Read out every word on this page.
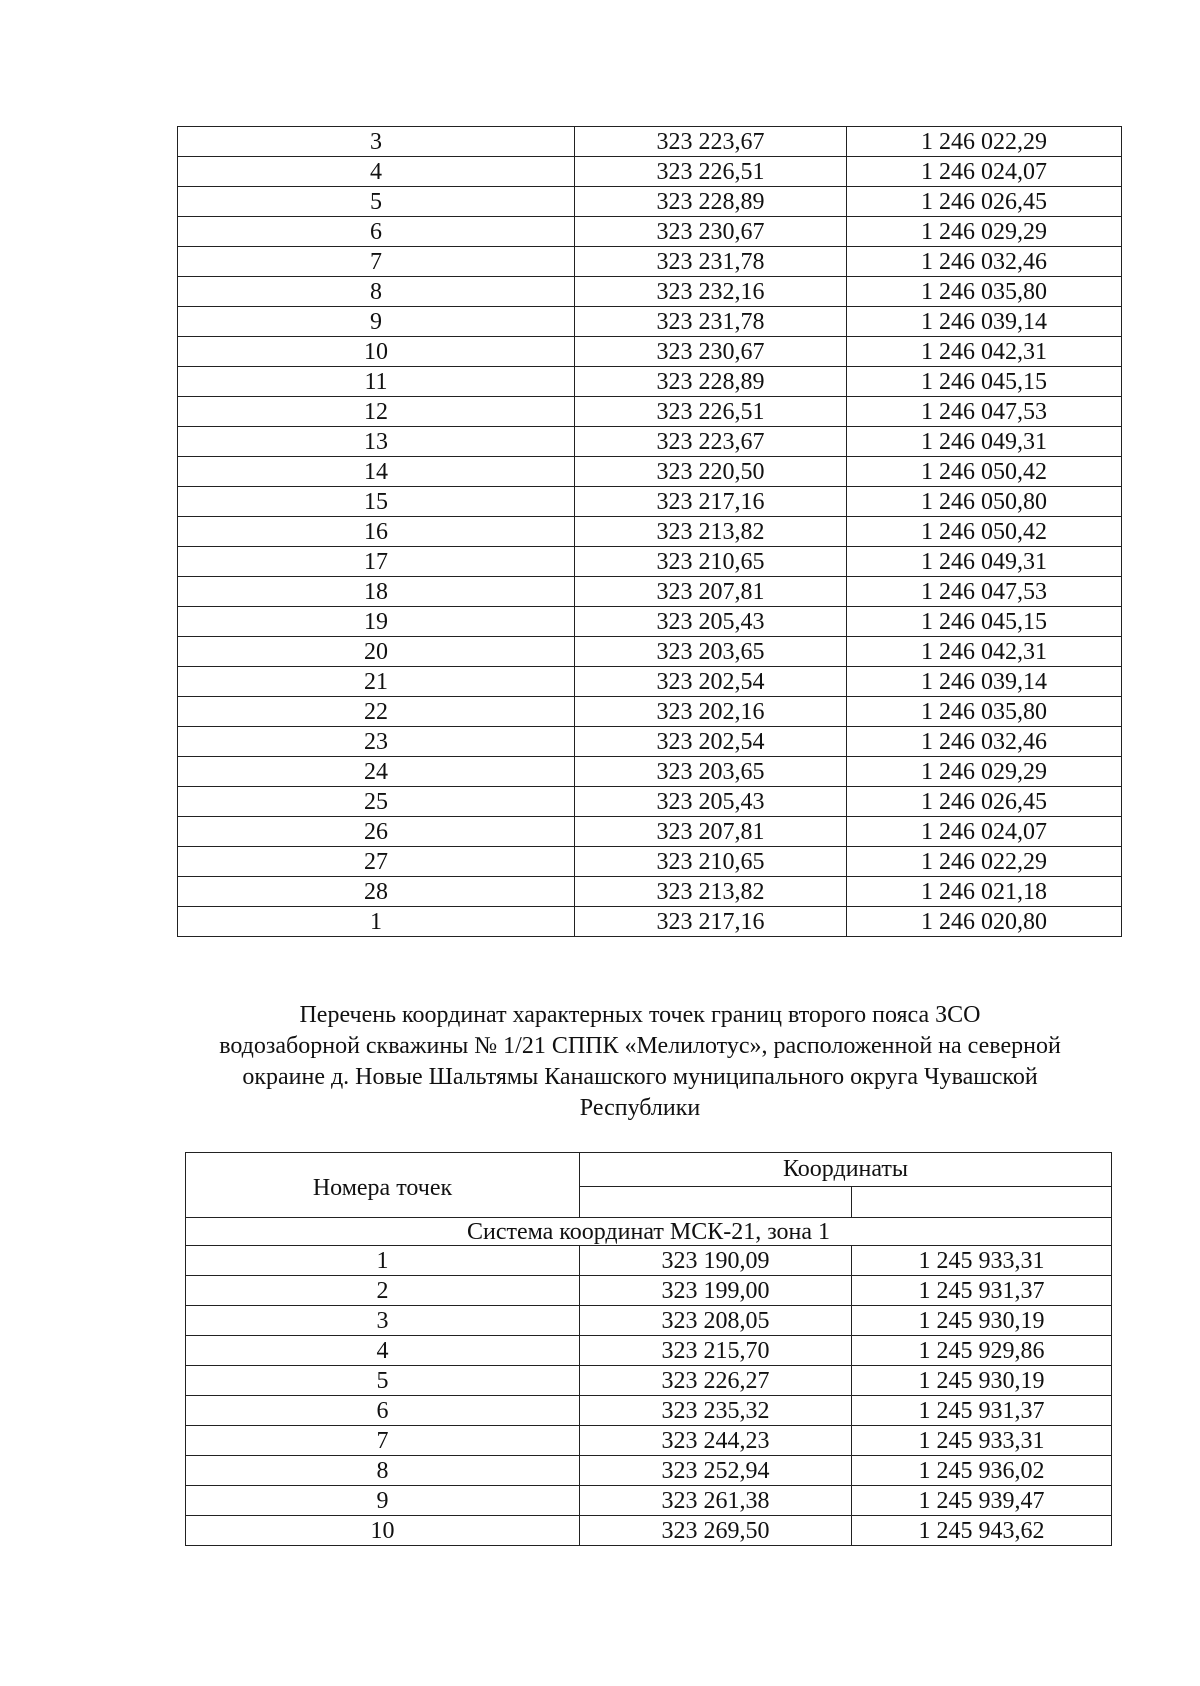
3	323 223,67	1 246 022,29
4	323 226,51	1 246 024,07
5	323 228,89	1 246 026,45
6	323 230,67	1 246 029,29
7	323 231,78	1 246 032,46
8	323 232,16	1 246 035,80
9	323 231,78	1 246 039,14
10	323 230,67	1 246 042,31
11	323 228,89	1 246 045,15
12	323 226,51	1 246 047,53
13	323 223,67	1 246 049,31
14	323 220,50	1 246 050,42
15	323 217,16	1 246 050,80
16	323 213,82	1 246 050,42
17	323 210,65	1 246 049,31
18	323 207,81	1 246 047,53
19	323 205,43	1 246 045,15
20	323 203,65	1 246 042,31
21	323 202,54	1 246 039,14
22	323 202,16	1 246 035,80
23	323 202,54	1 246 032,46
24	323 203,65	1 246 029,29
25	323 205,43	1 246 026,45
26	323 207,81	1 246 024,07
27	323 210,65	1 246 022,29
28	323 213,82	1 246 021,18
1	323 217,16	1 246 020,80
Перечень координат характерных точек границ второго пояса ЗСО
водозаборной скважины № 1/21 СППК «Мелилотус», расположенной на северной
окраине д. Новые Шальтямы Канашского муниципального округа Чувашской
Республики
Номера точек	Координаты	

Система координат МСК-21, зона 1		
1	323 190,09	1 245 933,31
2	323 199,00	1 245 931,37
3	323 208,05	1 245 930,19
4	323 215,70	1 245 929,86
5	323 226,27	1 245 930,19
6	323 235,32	1 245 931,37
7	323 244,23	1 245 933,31
8	323 252,94	1 245 936,02
9	323 261,38	1 245 939,47
10	323 269,50	1 245 943,62
